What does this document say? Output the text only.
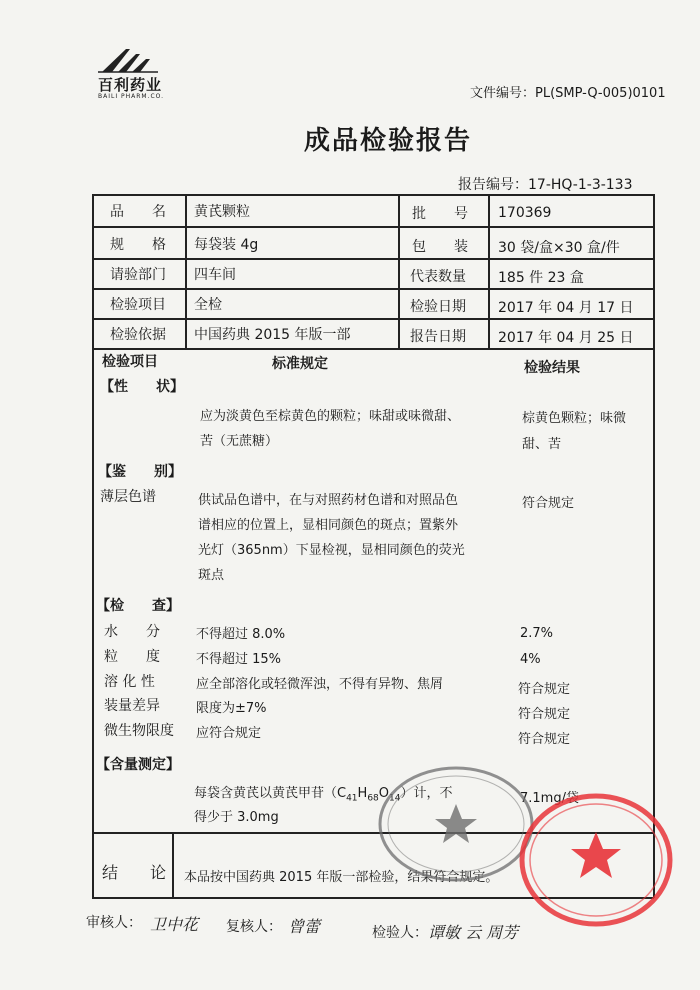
百利药业
BAILI PHARM.CO.	文件编号：PL(SMP-Q-005)0101
成品检验报告
报告编号：17-HQ-1-3-133
品　　名 黄芪颗粒	批　　号 170369
规　　格 每袋装 4g	包　　装 30 袋/盒×30 盒/件
请验部门 四车间	代表数量 185 件 23 盒
检验项目 全检	检验日期 2017 年 04 月 17 日
检验依据 中国药典 2015 年版一部	报告日期 2017 年 04 月 25 日
检验项目	标准规定	检验结果
【性　　状】
应为淡黄色至棕黄色的颗粒；味甜或味微甜、
苦（无蔗糖）
棕黄色颗粒；味微
甜、苦
【鉴　　别】
薄层色谱	供试品色谱中，在与对照药材色谱和对照品色
谱相应的位置上，显相同颜色的斑点；置紫外
光灯（365nm）下显检视，显相同颜色的荧光
斑点
符合规定
【检　　查】
水　　分	不得超过 8.0%	2.7%
粒　　度	不得超过 15%	4%
溶 化 性	应全部溶化或轻微浑浊，不得有异物、焦屑	符合规定
装量差异	限度为±7%	符合规定
微生物限度 应符合规定	符合规定
【含量测定】
每袋含黄芪以黄芪甲苷$(C_{41}H_{68}O_{14})$计，不
得少于 3.0mg
7.1mg/袋
结　　论 本品按中国药典 2015 年版一部检验，结果符合规定。
审核人： 卫中花 复核人： 曾蕾	检验人： 谭敏 云 周芳
